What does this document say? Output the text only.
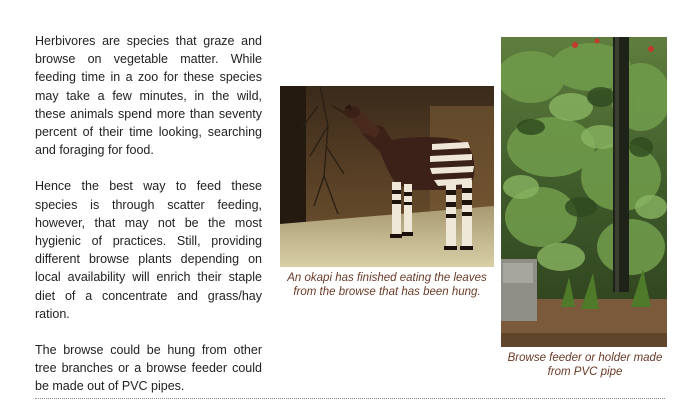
Herbivores are species that graze and browse on vegetable matter. While feeding time in a zoo for these species may take a few minutes, in the wild, these animals spend more than seventy percent of their time looking, searching and foraging for food.

Hence the best way to feed these species is through scatter feeding, however, that may not be the most hygienic of practices. Still, providing different browse plants depending on local availability will enrich their staple diet of a concentrate and grass/hay ration.

The browse could be hung from other tree branches or a browse feeder could be made out of PVC pipes.

An okapi has finished eating the leaves from the browse that has been hung.
Browse feeder or holder made from PVC pipe
